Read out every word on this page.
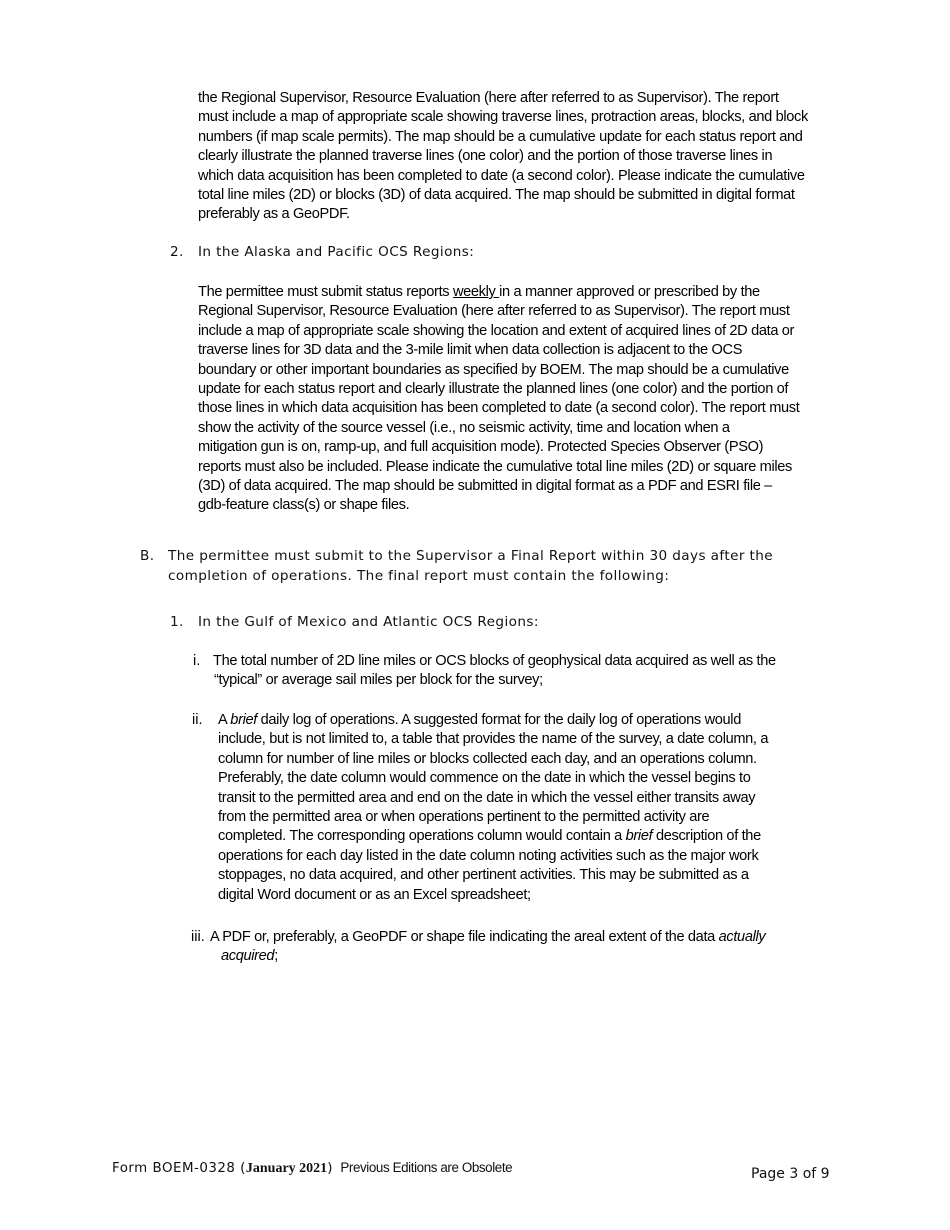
the Regional Supervisor, Resource Evaluation (here after referred to as Supervisor). The report
must include a map of appropriate scale showing traverse lines, protraction areas, blocks, and block
numbers (if map scale permits). The map should be a cumulative update for each status report and
clearly illustrate the planned traverse lines (one color) and the portion of those traverse lines in
which data acquisition has been completed to date (a second color). Please indicate the cumulative
total line miles (2D) or blocks (3D) of data acquired. The map should be submitted in digital format
preferably as a GeoPDF.
2. In the Alaska and Pacific OCS Regions:
The permittee must submit status reports weekly in a manner approved or prescribed by the
Regional Supervisor, Resource Evaluation (here after referred to as Supervisor). The report must
include a map of appropriate scale showing the location and extent of acquired lines of 2D data or
traverse lines for 3D data and the 3-mile limit when data collection is adjacent to the OCS
boundary or other important boundaries as specified by BOEM. The map should be a cumulative
update for each status report and clearly illustrate the planned lines (one color) and the portion of
those lines in which data acquisition has been completed to date (a second color). The report must
show the activity of the source vessel (i.e., no seismic activity, time and location when a
mitigation gun is on, ramp-up, and full acquisition mode). Protected Species Observer (PSO)
reports must also be included. Please indicate the cumulative total line miles (2D) or square miles
(3D) of data acquired. The map should be submitted in digital format as a PDF and ESRI file –
gdb-feature class(s) or shape files.
B. The permittee must submit to the Supervisor a Final Report within 30 days after the
completion of operations. The final report must contain the following:
1. In the Gulf of Mexico and Atlantic OCS Regions:
i. The total number of 2D line miles or OCS blocks of geophysical data acquired as well as the
“typical” or average sail miles per block for the survey;
ii. A brief daily log of operations. A suggested format for the daily log of operations would
include, but is not limited to, a table that provides the name of the survey, a date column, a
column for number of line miles or blocks collected each day, and an operations column.
Preferably, the date column would commence on the date in which the vessel begins to
transit to the permitted area and end on the date in which the vessel either transits away
from the permitted area or when operations pertinent to the permitted activity are
completed. The corresponding operations column would contain a brief description of the
operations for each day listed in the date column noting activities such as the major work
stoppages, no data acquired, and other pertinent activities. This may be submitted as a
digital Word document or as an Excel spreadsheet;
iii. A PDF or, preferably, a GeoPDF or shape file indicating the areal extent of the data actually
acquired;
Form BOEM-0328 (January 2021) Previous Editions are Obsolete	Page 3 of 9
